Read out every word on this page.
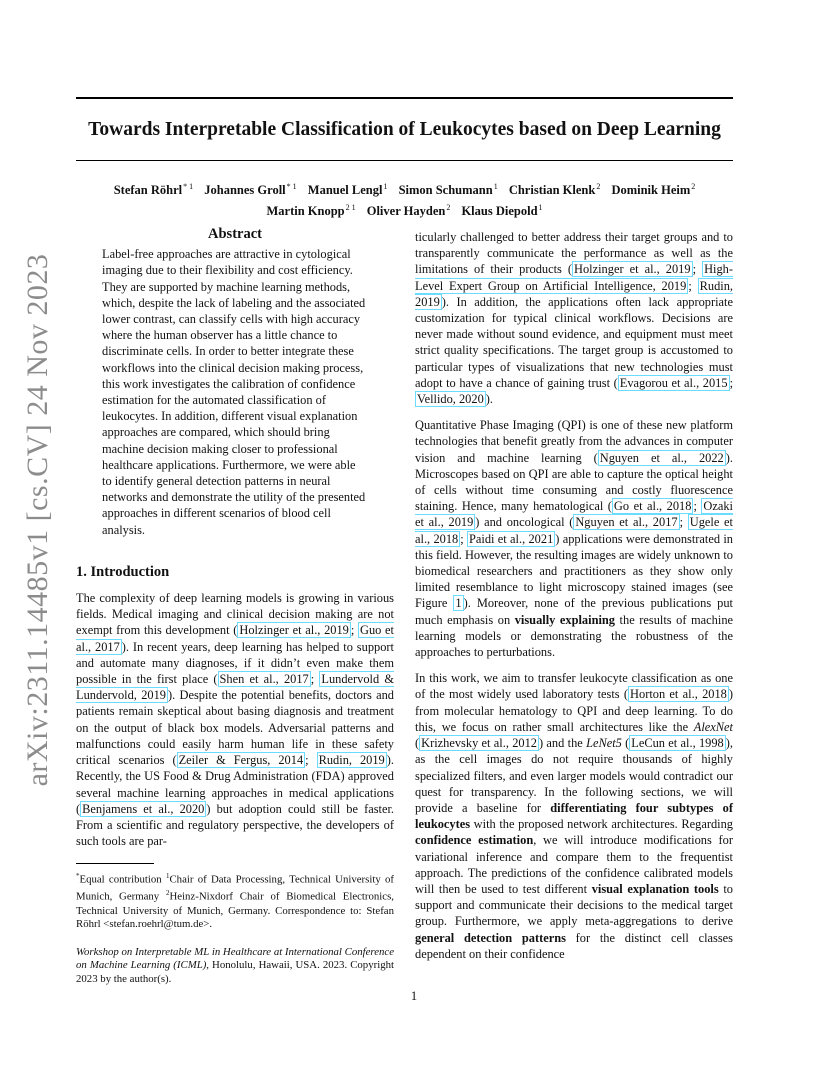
arXiv:2311.14485v1 [cs.CV] 24 Nov 2023
Towards Interpretable Classification of Leukocytes based on Deep Learning
Stefan Röhrl$^{* 1}$ Johannes Groll$^{* 1}$ Manuel Lengl$^1$ Simon Schumann$^1$ Christian Klenk$^2$ Dominik Heim$^2$
Martin Knopp$^{2 1}$ Oliver Hayden$^2$ Klaus Diepold$^1$
Abstract

Label-free approaches are attractive in cytological imaging due to their flexibility and cost efficiency. They are supported by machine learning methods, which, despite the lack of labeling and the associated lower contrast, can classify cells with high accuracy where the human observer has a little chance to discriminate cells. In order to better integrate these workflows into the clinical decision making process, this work investigates the calibration of confidence estimation for the automated classification of leukocytes. In addition, different visual explanation approaches are compared, which should bring machine decision making closer to professional healthcare applications. Furthermore, we were able to identify general detection patterns in neural networks and demonstrate the utility of the presented approaches in different scenarios of blood cell analysis.

1. Introduction

The complexity of deep learning models is growing in various fields. Medical imaging and clinical decision making are not exempt from this development ( Holzinger et al., 2019 ; Guo et al., 2017 ). In recent years, deep learning has helped to support and automate many diagnoses, if it didn’t even make them possible in the first place ( Shen et al., 2017 ; Lundervold & Lundervold, 2019 ). Despite the potential benefits, doctors and patients remain skeptical about basing diagnosis and treatment on the output of black box models. Adversarial patterns and malfunctions could easily harm human life in these safety critical scenarios ( Zeiler & Fergus, 2014 ; Rudin, 2019 ). Recently, the US Food & Drug Administration (FDA) approved several machine learning approaches in medical applications ( Benjamens et al., 2020 ) but adoption could still be faster. From a scientific and regulatory perspective, the developers of such tools are par-

*Equal contribution $^1$Chair of Data Processing, Technical University of Munich, Germany $^2$Heinz-Nixdorf Chair of Biomedical Electronics, Technical University of Munich, Germany. Correspondence to: Stefan Röhrl <stefan.roehrl@tum.de>.

Workshop on Interpretable ML in Healthcare at International Conference on Machine Learning (ICML), Honolulu, Hawaii, USA. 2023. Copyright 2023 by the author(s).

ticularly challenged to better address their target groups and to transparently communicate the performance as well as the limitations of their products ( Holzinger et al., 2019 ; High-Level Expert Group on Artificial Intelligence, 2019 ; Rudin, 2019 ). In addition, the applications often lack appropriate customization for typical clinical workflows. Decisions are never made without sound evidence, and equipment must meet strict quality specifications. The target group is accustomed to particular types of visualizations that new technologies must adopt to have a chance of gaining trust ( Evagorou et al., 2015 ; Vellido, 2020 ).

Quantitative Phase Imaging (QPI) is one of these new platform technologies that benefit greatly from the advances in computer vision and machine learning ( Nguyen et al., 2022 ). Microscopes based on QPI are able to capture the optical height of cells without time consuming and costly fluorescence staining. Hence, many hematological ( Go et al., 2018 ; Ozaki et al., 2019 ) and oncological ( Nguyen et al., 2017 ; Ugele et al., 2018 ; Paidi et al., 2021 ) applications were demonstrated in this field. However, the resulting images are widely unknown to biomedical researchers and practitioners as they show only limited resemblance to light microscopy stained images (see Figure 1 ). Moreover, none of the previous publications put much emphasis on visually explaining the results of machine learning models or demonstrating the robustness of the approaches to perturbations.

In this work, we aim to transfer leukocyte classification as one of the most widely used laboratory tests ( Horton et al., 2018 ) from molecular hematology to QPI and deep learning. To do this, we focus on rather small architectures like the AlexNet ( Krizhevsky et al., 2012 ) and the LeNet5 ( LeCun et al., 1998 ), as the cell images do not require thousands of highly specialized filters, and even larger models would contradict our quest for transparency. In the following sections, we will provide a baseline for differentiating four subtypes of leukocytes with the proposed network architectures. Regarding confidence estimation, we will introduce modifications for variational inference and compare them to the frequentist approach. The predictions of the confidence calibrated models will then be used to test different visual explanation tools to support and communicate their decisions to the medical target group. Furthermore, we apply meta-aggregations to derive general detection patterns for the distinct cell classes dependent on their confidence

1
